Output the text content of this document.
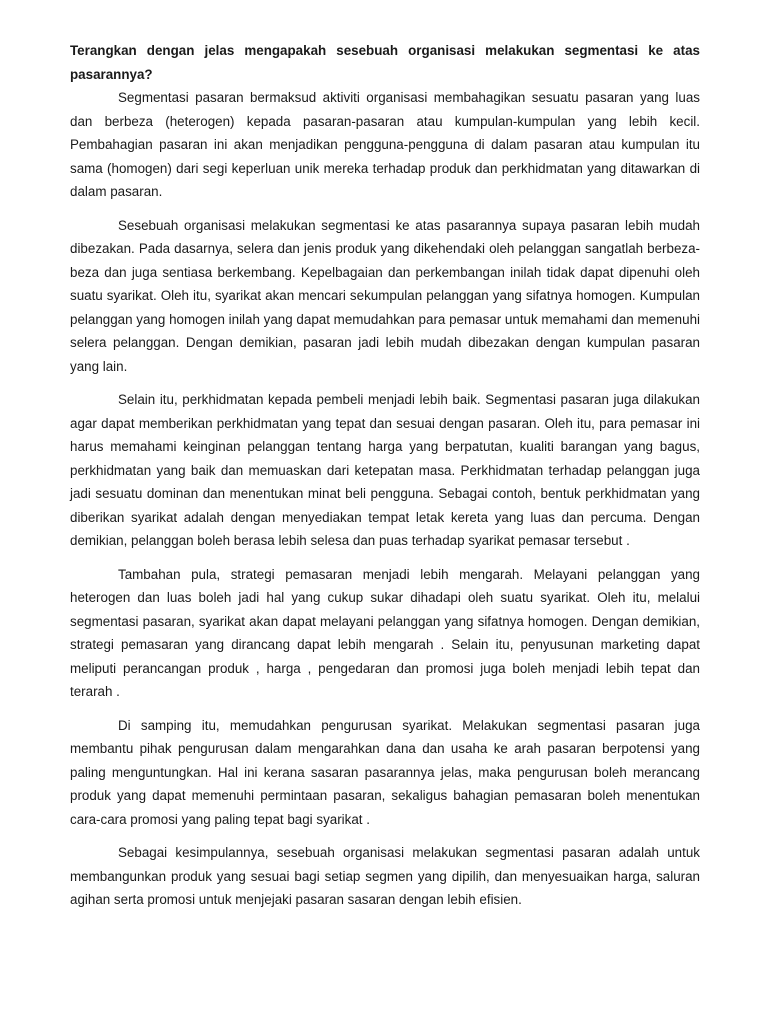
Terangkan dengan jelas mengapakah sesebuah organisasi melakukan segmentasi ke atas pasarannya?

Segmentasi pasaran bermaksud aktiviti organisasi membahagikan sesuatu pasaran yang luas dan berbeza (heterogen) kepada pasaran-pasaran atau kumpulan-kumpulan yang lebih kecil. Pembahagian pasaran ini akan menjadikan pengguna-pengguna di dalam pasaran atau kumpulan itu sama (homogen) dari segi keperluan unik mereka terhadap produk dan perkhidmatan yang ditawarkan di dalam pasaran.

Sesebuah organisasi melakukan segmentasi ke atas pasarannya supaya pasaran lebih mudah dibezakan. Pada dasarnya, selera dan jenis produk yang dikehendaki oleh pelanggan sangatlah berbeza-beza dan juga sentiasa berkembang. Kepelbagaian dan perkembangan inilah tidak dapat dipenuhi oleh suatu syarikat. Oleh itu, syarikat akan mencari sekumpulan pelanggan yang sifatnya homogen. Kumpulan pelanggan yang homogen inilah yang dapat memudahkan para pemasar untuk memahami dan memenuhi selera pelanggan. Dengan demikian, pasaran jadi lebih mudah dibezakan dengan kumpulan pasaran yang lain.

Selain itu, perkhidmatan kepada pembeli menjadi lebih baik. Segmentasi pasaran juga dilakukan agar dapat memberikan perkhidmatan yang tepat dan sesuai dengan pasaran. Oleh itu, para pemasar ini harus memahami keinginan pelanggan tentang harga yang berpatutan, kualiti barangan yang bagus, perkhidmatan yang baik dan memuaskan dari ketepatan masa. Perkhidmatan terhadap pelanggan juga jadi sesuatu dominan dan menentukan minat beli pengguna. Sebagai contoh, bentuk perkhidmatan yang diberikan syarikat adalah dengan menyediakan tempat letak kereta yang luas dan percuma. Dengan demikian, pelanggan boleh berasa lebih selesa dan puas terhadap syarikat pemasar tersebut .

Tambahan pula, strategi pemasaran menjadi lebih mengarah. Melayani pelanggan yang heterogen dan luas boleh jadi hal yang cukup sukar dihadapi oleh suatu syarikat. Oleh itu, melalui segmentasi pasaran, syarikat akan dapat melayani pelanggan yang sifatnya homogen. Dengan demikian, strategi pemasaran yang dirancang dapat lebih mengarah . Selain itu, penyusunan marketing dapat meliputi perancangan produk , harga , pengedaran dan promosi juga boleh menjadi lebih tepat dan terarah .

Di samping itu, memudahkan pengurusan syarikat. Melakukan segmentasi pasaran juga membantu pihak pengurusan dalam mengarahkan dana dan usaha ke arah pasaran berpotensi yang paling menguntungkan. Hal ini kerana sasaran pasarannya jelas, maka pengurusan boleh merancang produk yang dapat memenuhi permintaan pasaran, sekaligus bahagian pemasaran boleh menentukan cara-cara promosi yang paling tepat bagi syarikat .

Sebagai kesimpulannya, sesebuah organisasi melakukan segmentasi pasaran adalah untuk membangunkan produk yang sesuai bagi setiap segmen yang dipilih, dan menyesuaikan harga, saluran agihan serta promosi untuk menjejaki pasaran sasaran dengan lebih efisien.
